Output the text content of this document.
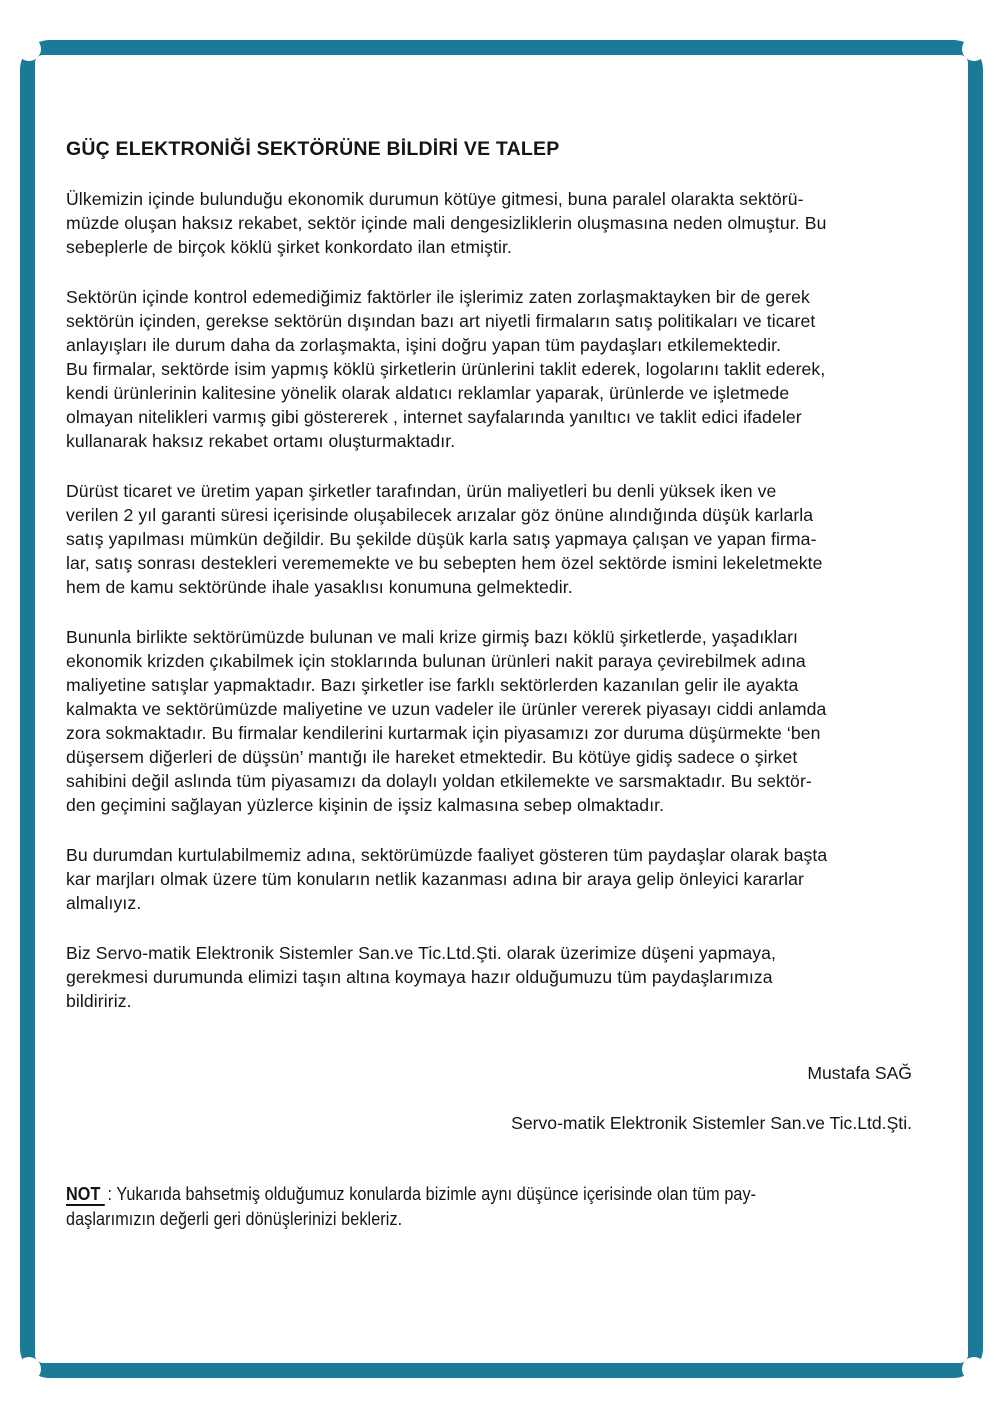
GÜÇ ELEKTRONİĞİ SEKTÖRÜNE BİLDİRİ VE TALEP
Ülkemizin içinde bulunduğu ekonomik durumun kötüye gitmesi, buna paralel olarakta sektörü-
müzde oluşan haksız rekabet, sektör içinde mali dengesizliklerin oluşmasına neden olmuştur. Bu
sebeplerle de birçok köklü şirket konkordato ilan etmiştir.
Sektörün içinde kontrol edemediğimiz faktörler ile işlerimiz zaten zorlaşmaktayken bir de gerek
sektörün içinden, gerekse sektörün dışından bazı art niyetli firmaların satış politikaları ve ticaret
anlayışları ile durum daha da zorlaşmakta, işini doğru yapan tüm paydaşları etkilemektedir.
Bu firmalar, sektörde isim yapmış köklü şirketlerin ürünlerini taklit ederek, logolarını taklit ederek,
kendi ürünlerinin kalitesine yönelik olarak aldatıcı reklamlar yaparak, ürünlerde ve işletmede
olmayan nitelikleri varmış gibi göstererek , internet sayfalarında yanıltıcı ve taklit edici ifadeler
kullanarak haksız rekabet ortamı oluşturmaktadır.
Dürüst ticaret ve üretim yapan şirketler tarafından, ürün maliyetleri bu denli yüksek iken ve
verilen 2 yıl garanti süresi içerisinde oluşabilecek arızalar göz önüne alındığında düşük karlarla
satış yapılması mümkün değildir. Bu şekilde düşük karla satış yapmaya çalışan ve yapan firma-
lar, satış sonrası destekleri verememekte ve bu sebepten hem özel sektörde ismini lekeletmekte
hem de kamu sektöründe ihale yasaklısı konumuna gelmektedir.
Bununla birlikte sektörümüzde bulunan ve mali krize girmiş bazı köklü şirketlerde, yaşadıkları
ekonomik krizden çıkabilmek için stoklarında bulunan ürünleri nakit paraya çevirebilmek adına
maliyetine satışlar yapmaktadır. Bazı şirketler ise farklı sektörlerden kazanılan gelir ile ayakta
kalmakta ve sektörümüzde maliyetine ve uzun vadeler ile ürünler vererek piyasayı ciddi anlamda
zora sokmaktadır. Bu firmalar kendilerini kurtarmak için piyasamızı zor duruma düşürmekte ‘ben
düşersem diğerleri de düşsün’ mantığı ile hareket etmektedir. Bu kötüye gidiş sadece o şirket
sahibini değil aslında tüm piyasamızı da dolaylı yoldan etkilemekte ve sarsmaktadır. Bu sektör-
den geçimini sağlayan yüzlerce kişinin de işsiz kalmasına sebep olmaktadır.
Bu durumdan kurtulabilmemiz adına, sektörümüzde faaliyet gösteren tüm paydaşlar olarak başta
kar marjları olmak üzere tüm konuların netlik kazanması adına bir araya gelip önleyici kararlar
almalıyız.
Biz Servo-matik Elektronik Sistemler San.ve Tic.Ltd.Şti. olarak üzerimize düşeni yapmaya,
gerekmesi durumunda elimizi taşın altına koymaya hazır olduğumuzu tüm paydaşlarımıza
bildiririz.
Mustafa SAĞ
Servo-matik Elektronik Sistemler San.ve Tic.Ltd.Şti.
NOT : Yukarıda bahsetmiş olduğumuz konularda bizimle aynı düşünce içerisinde olan tüm pay-
daşlarımızın değerli geri dönüşlerinizi bekleriz.
